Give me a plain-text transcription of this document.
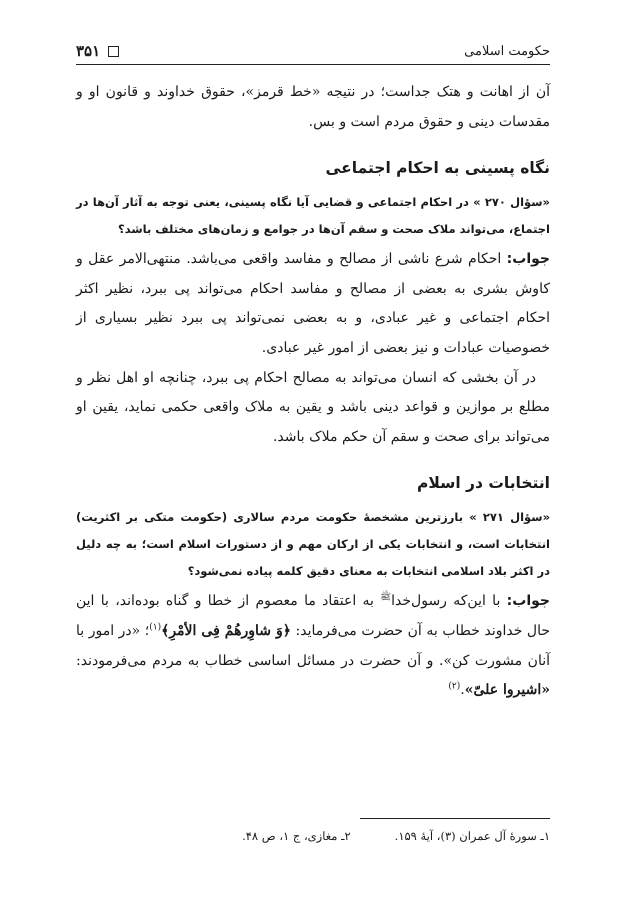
حکومت اسلامی
۳۵۱

آن از اهانت و هتک جداست؛ در نتیجه «خط قرمز»، حقوق خداوند و قانون او و مقدسات دینی و حقوق مردم است و بس.

نگاه پسینی به احکام اجتماعی

«سؤال ۲۷۰ » در احکام اجتماعی و قضایی آیا نگاه پسینی، یعنی توجه به آثار آن‌ها در اجتماع، می‌تواند ملاک صحت و سقم آن‌ها در جوامع و زمان‌های مختلف باشد؟

جواب: احکام شرع ناشی از مصالح و مفاسد واقعی می‌باشد. منتهی‌الامر عقل و کاوش بشری به بعضی از مصالح و مفاسد احکام می‌تواند پی ببرد، نظیر اکثر احکام اجتماعی و غیر عبادی، و به بعضی نمی‌تواند پی ببرد نظیر بسیاری از خصوصیات عبادات و نیز بعضی از امور غیر عبادی.

در آن بخشی که انسان می‌تواند به مصالح احکام پی ببرد، چنانچه او اهل نظر و مطلع بر موازین و قواعد دینی باشد و یقین به ملاک واقعی حکمی نماید، یقین او می‌تواند برای صحت و سقم آن حکم ملاک باشد.

انتخابات در اسلام

«سؤال ۲۷۱ » بارزترین مشخصهٔ حکومت مردم سالاری (حکومت متکی بر اکثریت) انتخابات است، و انتخابات یکی از ارکان مهم و از دستورات اسلام است؛ به چه دلیل در اکثر بلاد اسلامی انتخابات به معنای دقیق کلمه پیاده نمی‌شود؟

جواب: با این‌که رسول‌خدا$^ﷺ$ به اعتقاد ما معصوم از خطا و گناه بوده‌اند، با این حال خداوند خطاب به آن حضرت می‌فرماید: ﴿وَ شاوِرهُمْ فِی الأمْرِ﴾$^{(۱)}$؛ «در امور با آنان مشورت کن». و آن حضرت در مسائل اساسی خطاب به مردم می‌فرمودند: «اشیروا علیّ».$^{(۲)}$

۱ـ سورهٔ آل عمران (۳)، آیهٔ ۱۵۹.
۲ـ مغازی، ج ۱، ص ۴۸.
